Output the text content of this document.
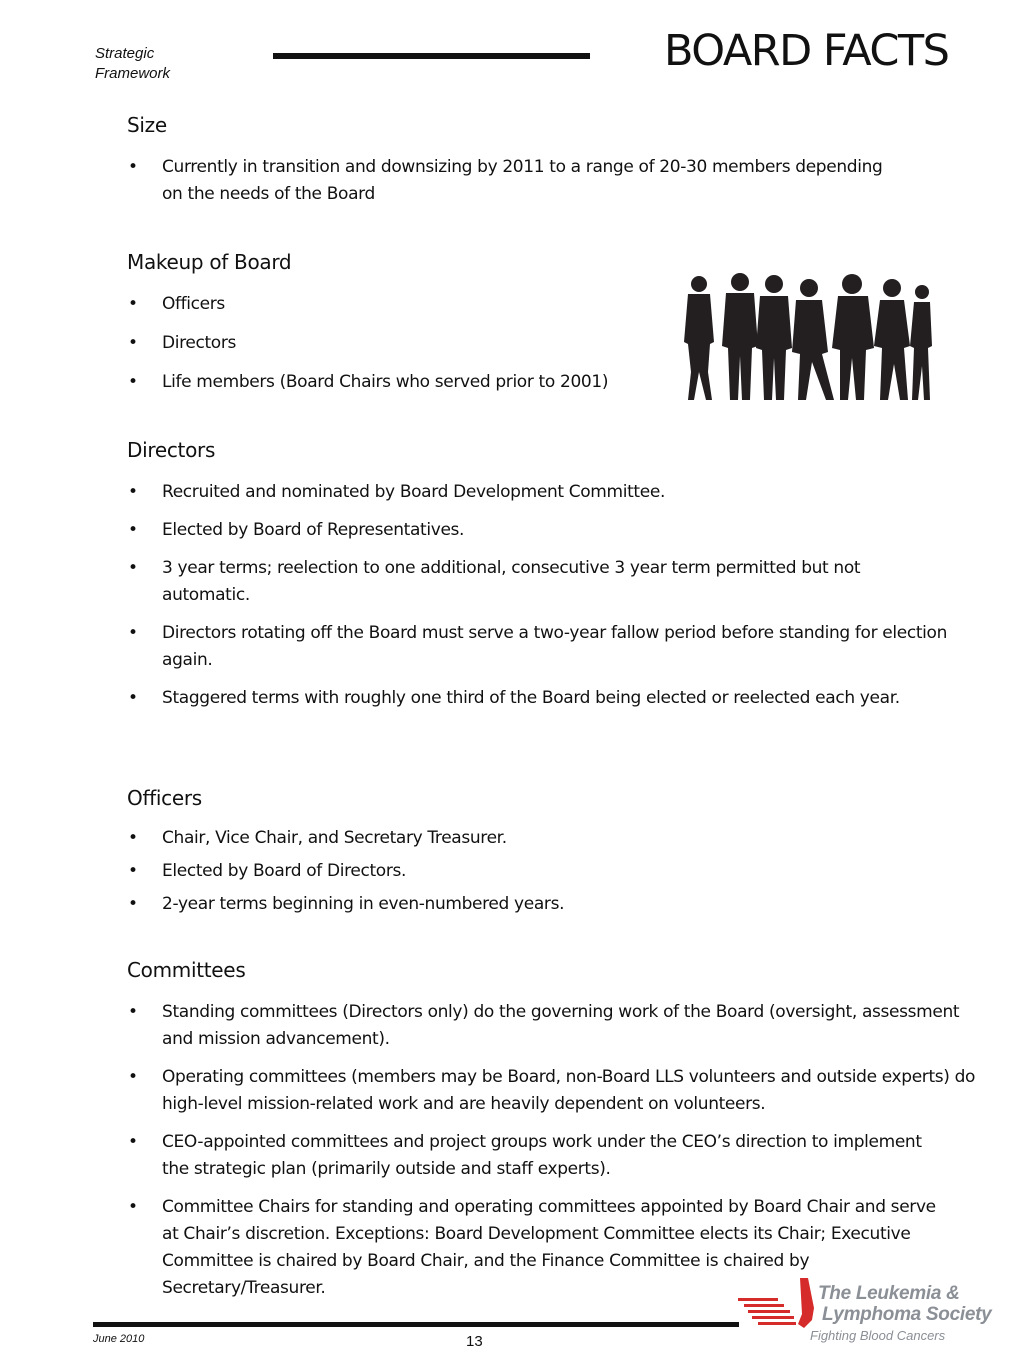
Strategic
Framework	BOARD FACTS
Size
• Currently in transition and downsizing by 2011 to a range of 20-30 members depending on the needs of the Board
Makeup of Board
• Officers
• Directors
• Life members (Board Chairs who served prior to 2001)
Directors
• Recruited and nominated by Board Development Committee.
• Elected by Board of Representatives.
• 3 year terms; reelection to one additional, consecutive 3 year term permitted but not automatic.
• Directors rotating off the Board must serve a two-year fallow period before standing for election again.
• Staggered terms with roughly one third of the Board being elected or reelected each year.
Officers
• Chair, Vice Chair, and Secretary Treasurer.
• Elected by Board of Directors.
• 2-year terms beginning in even-numbered years.
Committees
• Standing committees (Directors only) do the governing work of the Board (oversight, assessment and mission advancement).
• Operating committees (members may be Board, non-Board LLS volunteers and outside experts) do high-level mission-related work and are heavily dependent on volunteers.
• CEO-appointed committees and project groups work under the CEO’s direction to implement the strategic plan (primarily outside and staff experts).
• Committee Chairs for standing and operating committees appointed by Board Chair and serve at Chair’s discretion. Exceptions: Board Development Committee elects its Chair; Executive Committee is chaired by Board Chair, and the Finance Committee is chaired by Secretary/Treasurer.
June 2010	13
The Leukemia &
Lymphoma Society
Fighting Blood Cancers
